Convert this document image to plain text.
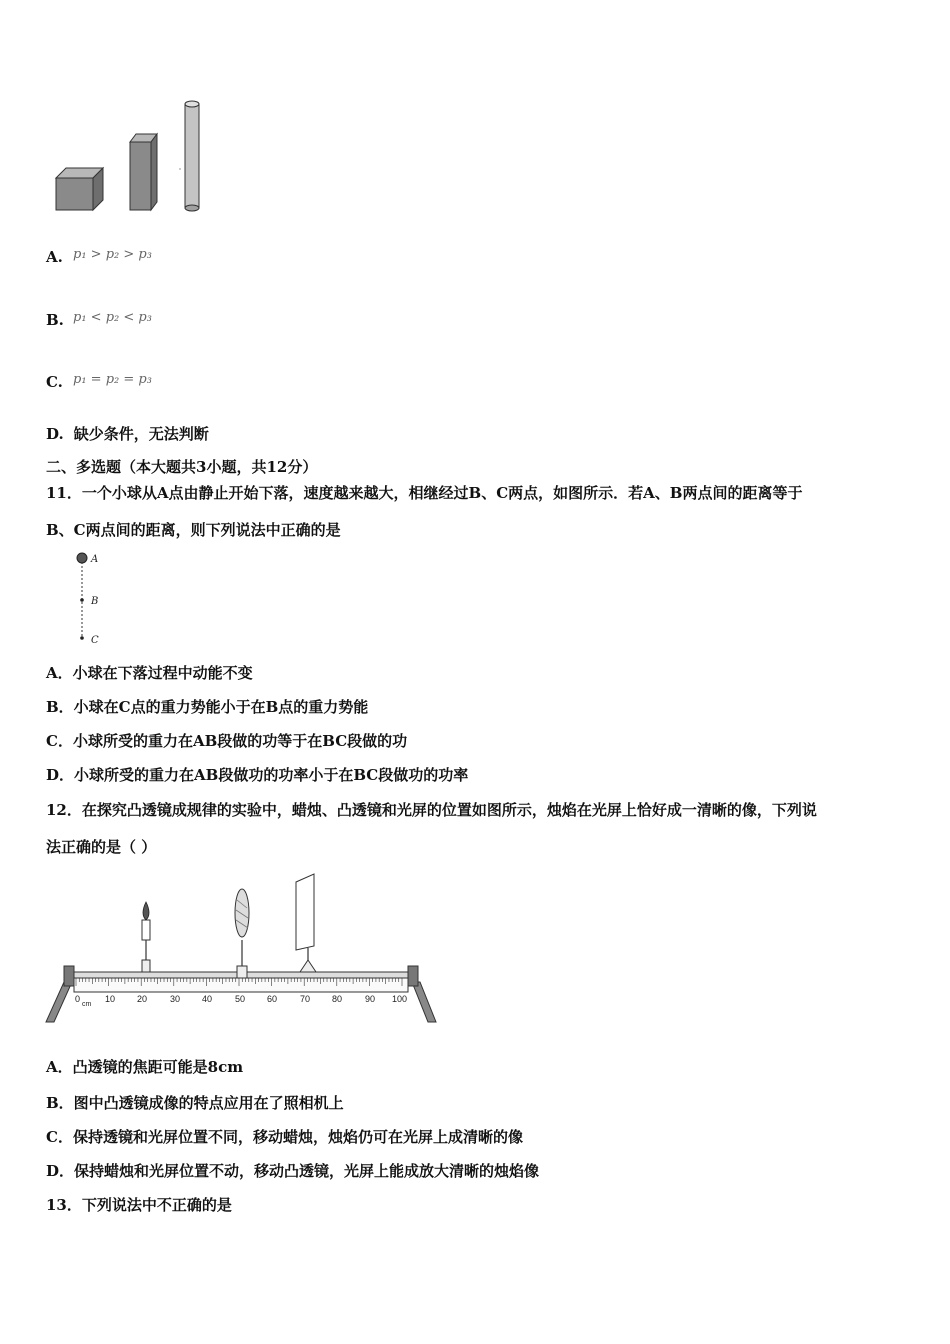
A. p₁ > p₂ > p₃
B. p₁ < p₂ < p₃
C. p₁ = p₂ = p₃
D. 缺少条件，无法判断
二、多选题（本大题共3小题，共12分）
11．一个小球从A点由静止开始下落，速度越来越大，相继经过B、C两点，如图所示．若A、B两点间的距离等于
B、C两点间的距离，则下列说法中正确的是
A
B
C
A．小球在下落过程中动能不变
B．小球在C点的重力势能小于在B点的重力势能
C．小球所受的重力在AB段做的功等于在BC段做的功
D．小球所受的重力在AB段做功的功率小于在BC段做功的功率
12．在探究凸透镜成规律的实验中，蜡烛、凸透镜和光屏的位置如图所示，烛焰在光屏上恰好成一清晰的像，下列说
法正确的是（ ）
0
cm
10 20	30 40	50 60	70 80	90 100
A．凸透镜的焦距可能是8cm
B．图中凸透镜成像的特点应用在了照相机上
C．保持透镜和光屏位置不同，移动蜡烛，烛焰仍可在光屏上成清晰的像
D．保持蜡烛和光屏位置不动，移动凸透镜，光屏上能成放大清晰的烛焰像
13．下列说法中不正确的是
